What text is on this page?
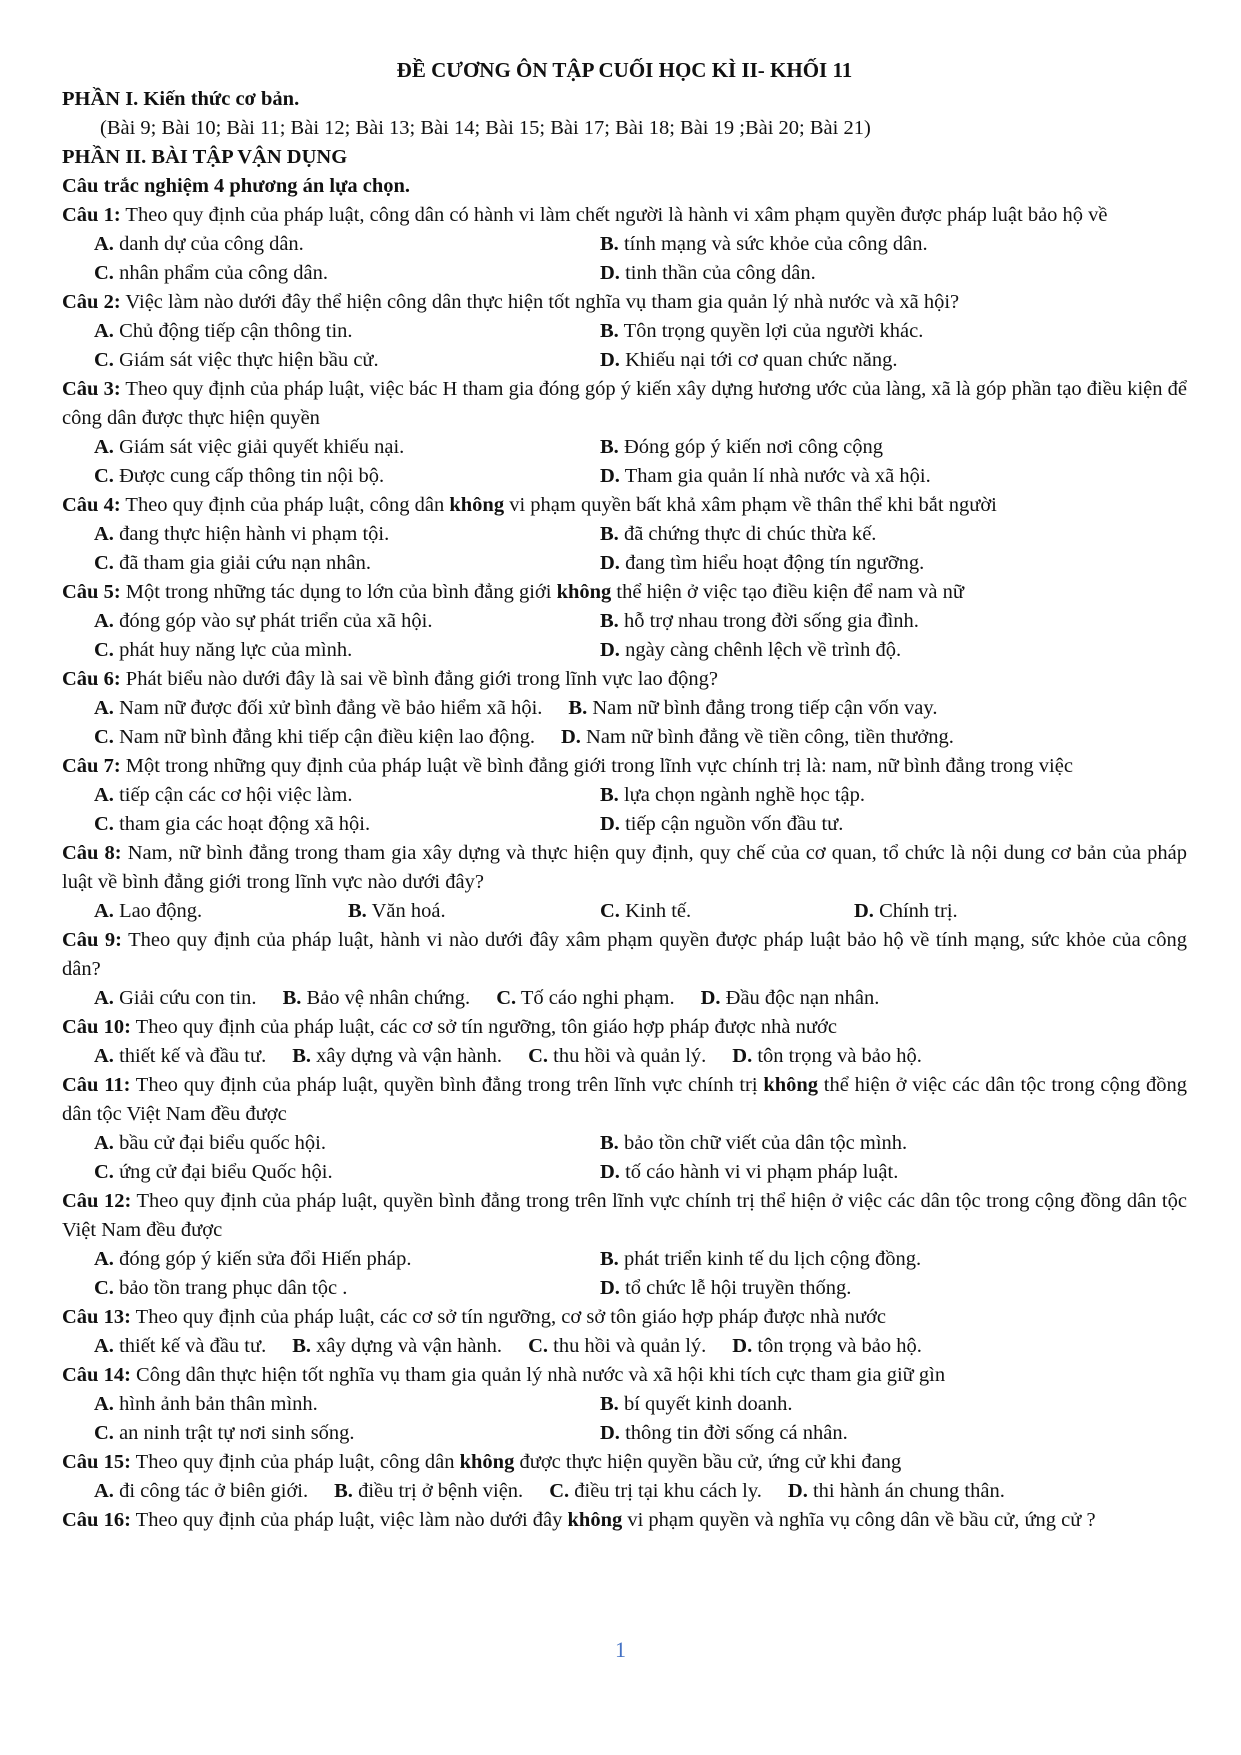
ĐỀ CƯƠNG ÔN TẬP CUỐI HỌC KÌ II- KHỐI 11
PHẦN I. Kiến thức cơ bản.
(Bài 9; Bài 10; Bài 11; Bài 12; Bài 13; Bài 14; Bài 15; Bài 17; Bài 18; Bài 19 ;Bài 20; Bài 21)
PHẦN II. BÀI TẬP VẬN DỤNG
Câu trắc nghiệm 4 phương án lựa chọn.
Câu 1: Theo quy định của pháp luật, công dân có hành vi làm chết người là hành vi xâm phạm quyền được pháp luật bảo hộ về
A. danh dự của công dân.	B. tính mạng và sức khỏe của công dân.
C. nhân phẩm của công dân.	D. tinh thần của công dân.
Câu 2: Việc làm nào dưới đây thể hiện công dân thực hiện tốt nghĩa vụ tham gia quản lý nhà nước và xã hội?
A. Chủ động tiếp cận thông tin.	B. Tôn trọng quyền lợi của người khác.
C. Giám sát việc thực hiện bầu cử.	D. Khiếu nại tới cơ quan chức năng.
Câu 3: Theo quy định của pháp luật, việc bác H tham gia đóng góp ý kiến xây dựng hương ước của làng, xã là góp phần tạo điều kiện để công dân được thực hiện quyền
A. Giám sát việc giải quyết khiếu nại.	B. Đóng góp ý kiến nơi công cộng
C. Được cung cấp thông tin nội bộ.	D. Tham gia quản lí nhà nước và xã hội.
Câu 4: Theo quy định của pháp luật, công dân không vi phạm quyền bất khả xâm phạm về thân thể khi bắt người
A. đang thực hiện hành vi phạm tội.	B. đã chứng thực di chúc thừa kế.
C. đã tham gia giải cứu nạn nhân.	D. đang tìm hiểu hoạt động tín ngưỡng.
Câu 5: Một trong những tác dụng to lớn của bình đẳng giới không thể hiện ở việc tạo điều kiện để nam và nữ
A. đóng góp vào sự phát triển của xã hội.	B. hỗ trợ nhau trong đời sống gia đình.
C. phát huy năng lực của mình.	D. ngày càng chênh lệch về trình độ.
Câu 6: Phát biểu nào dưới đây là sai về bình đẳng giới trong lĩnh vực lao động?
A. Nam nữ được đối xử bình đẳng về bảo hiểm xã hội. B. Nam nữ bình đẳng trong tiếp cận vốn vay.
C. Nam nữ bình đẳng khi tiếp cận điều kiện lao động. D. Nam nữ bình đẳng về tiền công, tiền thưởng.
Câu 7: Một trong những quy định của pháp luật về bình đẳng giới trong lĩnh vực chính trị là: nam, nữ bình đẳng trong việc
A. tiếp cận các cơ hội việc làm.	B. lựa chọn ngành nghề học tập.
C. tham gia các hoạt động xã hội.	D. tiếp cận nguồn vốn đầu tư.
Câu 8: Nam, nữ bình đẳng trong tham gia xây dựng và thực hiện quy định, quy chế của cơ quan, tổ chức là nội dung cơ bản của pháp luật về bình đẳng giới trong lĩnh vực nào dưới đây?
A. Lao động.	B. Văn hoá.	C. Kinh tế.	D. Chính trị.
Câu 9: Theo quy định của pháp luật, hành vi nào dưới đây xâm phạm quyền được pháp luật bảo hộ về tính mạng, sức khỏe của công dân?
A. Giải cứu con tin. B. Bảo vệ nhân chứng. C. Tố cáo nghi phạm. D. Đầu độc nạn nhân.
Câu 10: Theo quy định của pháp luật, các cơ sở tín ngưỡng, tôn giáo hợp pháp được nhà nước
A. thiết kế và đầu tư. B. xây dựng và vận hành. C. thu hồi và quản lý. D. tôn trọng và bảo hộ.
Câu 11: Theo quy định của pháp luật, quyền bình đẳng trong trên lĩnh vực chính trị không thể hiện ở việc các dân tộc trong cộng đồng dân tộc Việt Nam đều được
A. bầu cử đại biểu quốc hội.	B. bảo tồn chữ viết của dân tộc mình.
C. ứng cử đại biểu Quốc hội.	D. tố cáo hành vi vi phạm pháp luật.
Câu 12: Theo quy định của pháp luật, quyền bình đẳng trong trên lĩnh vực chính trị thể hiện ở việc các dân tộc trong cộng đồng dân tộc Việt Nam đều được
A. đóng góp ý kiến sửa đổi Hiến pháp.	B. phát triển kinh tế du lịch cộng đồng.
C. bảo tồn trang phục dân tộc .	D. tổ chức lễ hội truyền thống.
Câu 13: Theo quy định của pháp luật, các cơ sở tín ngưỡng, cơ sở tôn giáo hợp pháp được nhà nước
A. thiết kế và đầu tư. B. xây dựng và vận hành. C. thu hồi và quản lý. D. tôn trọng và bảo hộ.
Câu 14: Công dân thực hiện tốt nghĩa vụ tham gia quản lý nhà nước và xã hội khi tích cực tham gia giữ gìn
A. hình ảnh bản thân mình.	B. bí quyết kinh doanh.
C. an ninh trật tự nơi sinh sống.	D. thông tin đời sống cá nhân.
Câu 15: Theo quy định của pháp luật, công dân không được thực hiện quyền bầu cử, ứng cử khi đang
A. đi công tác ở biên giới. B. điều trị ở bệnh viện. C. điều trị tại khu cách ly. D. thi hành án chung thân.
Câu 16: Theo quy định của pháp luật, việc làm nào dưới đây không vi phạm quyền và nghĩa vụ công dân về bầu cử, ứng cử ?
1
